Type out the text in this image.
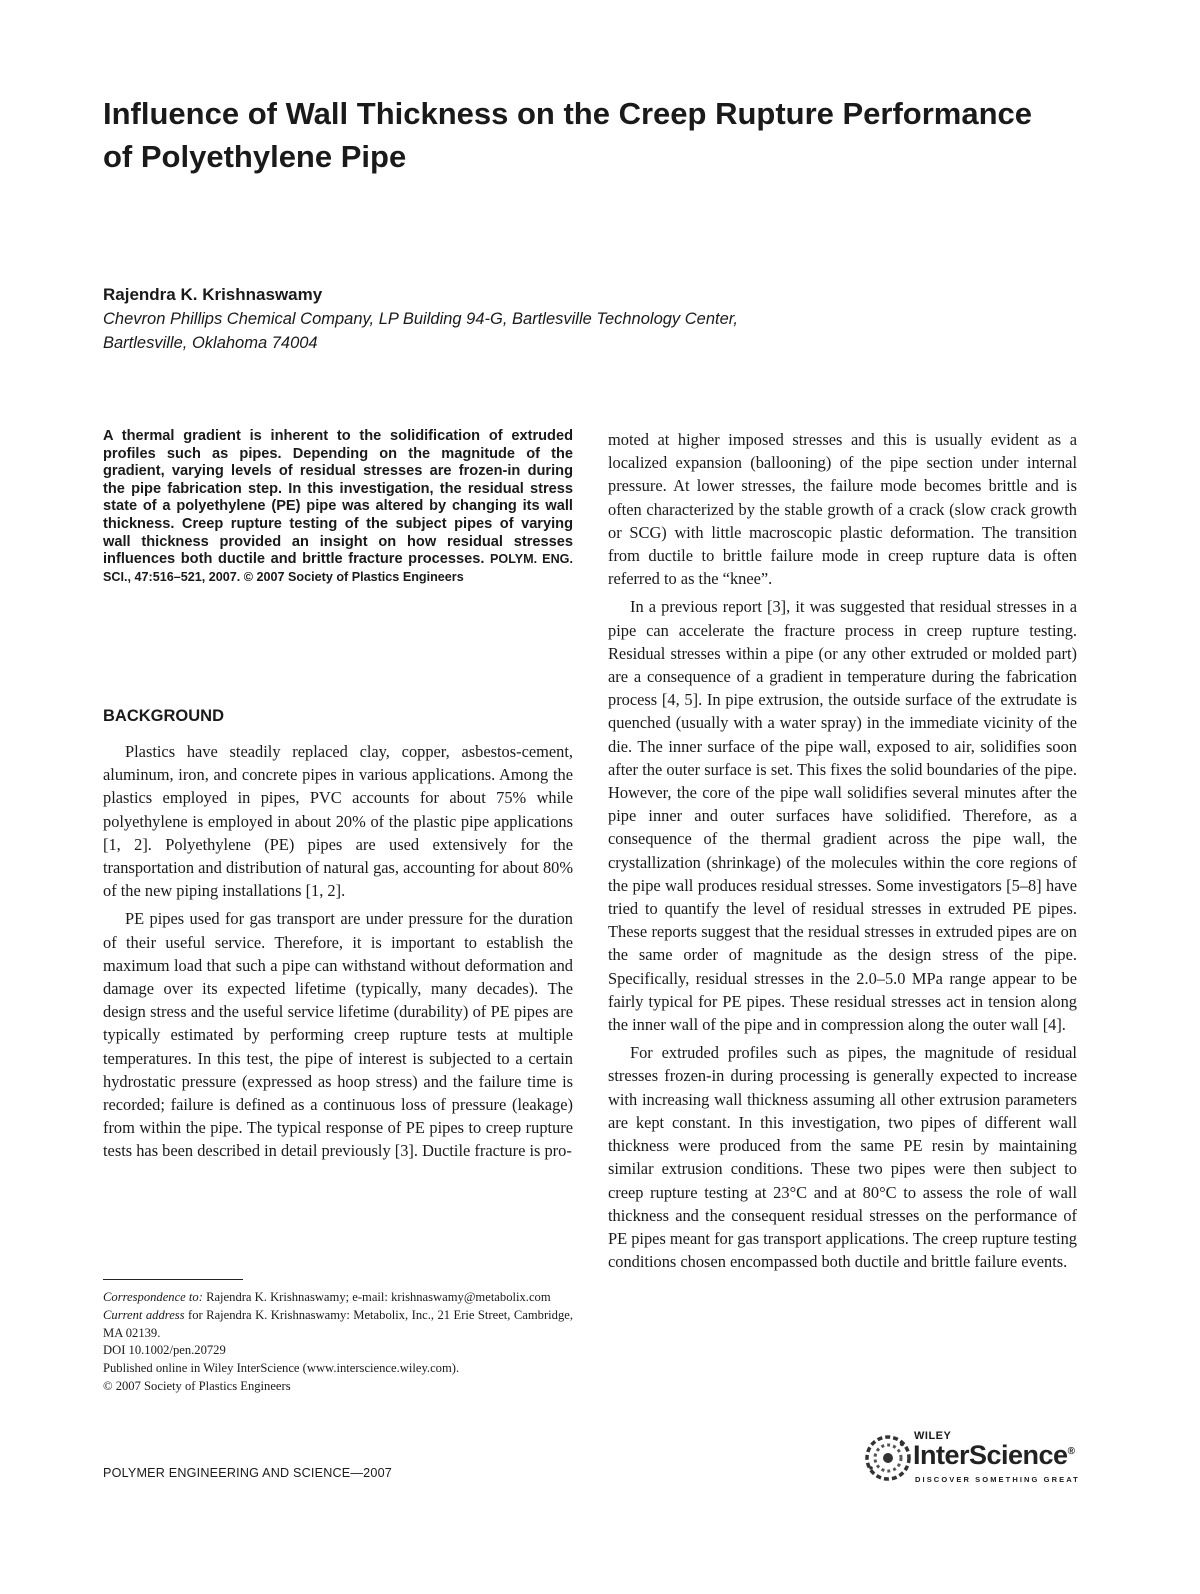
Influence of Wall Thickness on the Creep Rupture Performance of Polyethylene Pipe
Rajendra K. Krishnaswamy
Chevron Phillips Chemical Company, LP Building 94-G, Bartlesville Technology Center,
Bartlesville, Oklahoma 74004
A thermal gradient is inherent to the solidification of extruded profiles such as pipes. Depending on the magnitude of the gradient, varying levels of residual stresses are frozen-in during the pipe fabrication step. In this investigation, the residual stress state of a polyethylene (PE) pipe was altered by changing its wall thickness. Creep rupture testing of the subject pipes of varying wall thickness provided an insight on how residual stresses influences both ductile and brittle fracture processes. POLYM. ENG. SCI., 47:516–521, 2007. © 2007 Society of Plastics Engineers
BACKGROUND

Plastics have steadily replaced clay, copper, asbestos-cement, aluminum, iron, and concrete pipes in various applications. Among the plastics employed in pipes, PVC accounts for about 75% while polyethylene is employed in about 20% of the plastic pipe applications [1, 2]. Polyethylene (PE) pipes are used extensively for the transportation and distribution of natural gas, accounting for about 80% of the new piping installations [1, 2].

PE pipes used for gas transport are under pressure for the duration of their useful service. Therefore, it is important to establish the maximum load that such a pipe can withstand without deformation and damage over its expected lifetime (typically, many decades). The design stress and the useful service lifetime (durability) of PE pipes are typically estimated by performing creep rupture tests at multiple temperatures. In this test, the pipe of interest is subjected to a certain hydrostatic pressure (expressed as hoop stress) and the failure time is recorded; failure is defined as a continuous loss of pressure (leakage) from within the pipe. The typical response of PE pipes to creep rupture tests has been described in detail previously [3]. Ductile fracture is pro-

moted at higher imposed stresses and this is usually evident as a localized expansion (ballooning) of the pipe section under internal pressure. At lower stresses, the failure mode becomes brittle and is often characterized by the stable growth of a crack (slow crack growth or SCG) with little macroscopic plastic deformation. The transition from ductile to brittle failure mode in creep rupture data is often referred to as the “knee”.

In a previous report [3], it was suggested that residual stresses in a pipe can accelerate the fracture process in creep rupture testing. Residual stresses within a pipe (or any other extruded or molded part) are a consequence of a gradient in temperature during the fabrication process [4, 5]. In pipe extrusion, the outside surface of the extrudate is quenched (usually with a water spray) in the immediate vicinity of the die. The inner surface of the pipe wall, exposed to air, solidifies soon after the outer surface is set. This fixes the solid boundaries of the pipe. However, the core of the pipe wall solidifies several minutes after the pipe inner and outer surfaces have solidified. Therefore, as a consequence of the thermal gradient across the pipe wall, the crystallization (shrinkage) of the molecules within the core regions of the pipe wall produces residual stresses. Some investigators [5–8] have tried to quantify the level of residual stresses in extruded PE pipes. These reports suggest that the residual stresses in extruded pipes are on the same order of magnitude as the design stress of the pipe. Specifically, residual stresses in the 2.0–5.0 MPa range appear to be fairly typical for PE pipes. These residual stresses act in tension along the inner wall of the pipe and in compression along the outer wall [4].

For extruded profiles such as pipes, the magnitude of residual stresses frozen-in during processing is generally expected to increase with increasing wall thickness assuming all other extrusion parameters are kept constant. In this investigation, two pipes of different wall thickness were produced from the same PE resin by maintaining similar extrusion conditions. These two pipes were then subject to creep rupture testing at 23°C and at 80°C to assess the role of wall thickness and the consequent residual stresses on the performance of PE pipes meant for gas transport applications. The creep rupture testing conditions chosen encompassed both ductile and brittle failure events.

Correspondence to: Rajendra K. Krishnaswamy; e-mail: krishnaswamy@metabolix.com

Current address for Rajendra K. Krishnaswamy: Metabolix, Inc., 21 Erie Street, Cambridge, MA 02139.

DOI 10.1002/pen.20729

Published online in Wiley InterScience (www.interscience.wiley.com).

© 2007 Society of Plastics Engineers

POLYMER ENGINEERING AND SCIENCE—2007
WILEY
InterScience®
DISCOVER SOMETHING GREAT
